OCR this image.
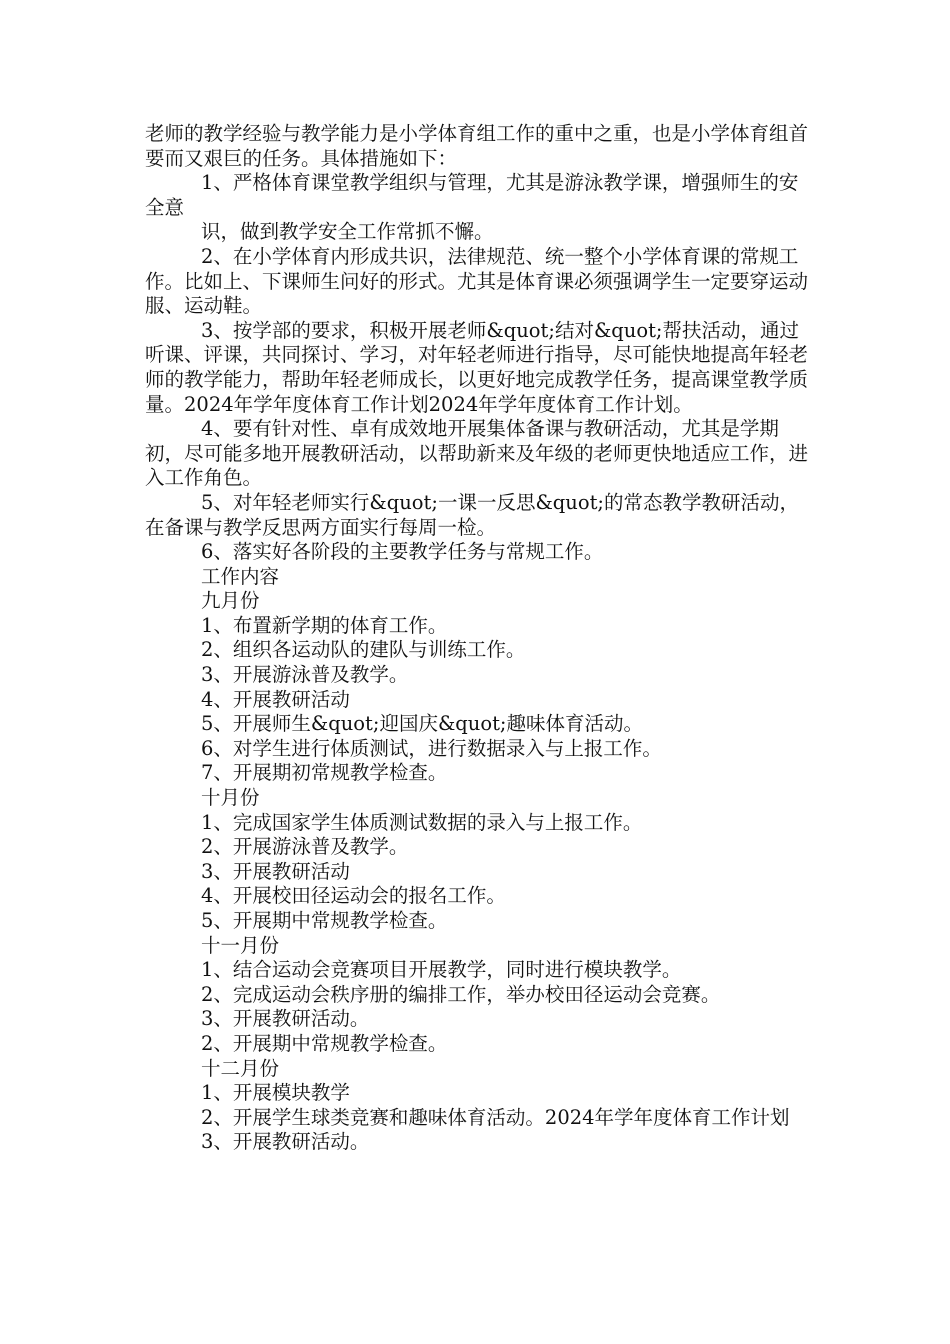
老师的教学经验与教学能力是小学体育组工作的重中之重，也是小学体育组首要而又艰巨的任务。具体措施如下：

1、严格体育课堂教学组织与管理，尤其是游泳教学课，增强师生的安全意

识，做到教学安全工作常抓不懈。

2、在小学体育内形成共识，法律规范、统一整个小学体育课的常规工作。比如上、下课师生问好的形式。尤其是体育课必须强调学生一定要穿运动服、运动鞋。

3、按学部的要求，积极开展老师&quot;结对&quot;帮扶活动，通过听课、评课，共同探讨、学习，对年轻老师进行指导，尽可能快地提高年轻老师的教学能力，帮助年轻老师成长，以更好地完成教学任务，提高课堂教学质量。2024年学年度体育工作计划2024年学年度体育工作计划。

4、要有针对性、卓有成效地开展集体备课与教研活动，尤其是学期初，尽可能多地开展教研活动，以帮助新来及年级的老师更快地适应工作，进入工作角色。

5、对年轻老师实行&quot;一课一反思&quot;的常态教学教研活动，在备课与教学反思两方面实行每周一检。

6、落实好各阶段的主要教学任务与常规工作。

工作内容

九月份

1、布置新学期的体育工作。

2、组织各运动队的建队与训练工作。

3、开展游泳普及教学。

4、开展教研活动

5、开展师生&quot;迎国庆&quot;趣味体育活动。

6、对学生进行体质测试，进行数据录入与上报工作。

7、开展期初常规教学检查。

十月份

1、完成国家学生体质测试数据的录入与上报工作。

2、开展游泳普及教学。

3、开展教研活动

4、开展校田径运动会的报名工作。

5、开展期中常规教学检查。

十一月份

1、结合运动会竞赛项目开展教学，同时进行模块教学。

2、完成运动会秩序册的编排工作，举办校田径运动会竞赛。

3、开展教研活动。

2、开展期中常规教学检查。

十二月份

1、开展模块教学

2、开展学生球类竞赛和趣味体育活动。2024年学年度体育工作计划

3、开展教研活动。
